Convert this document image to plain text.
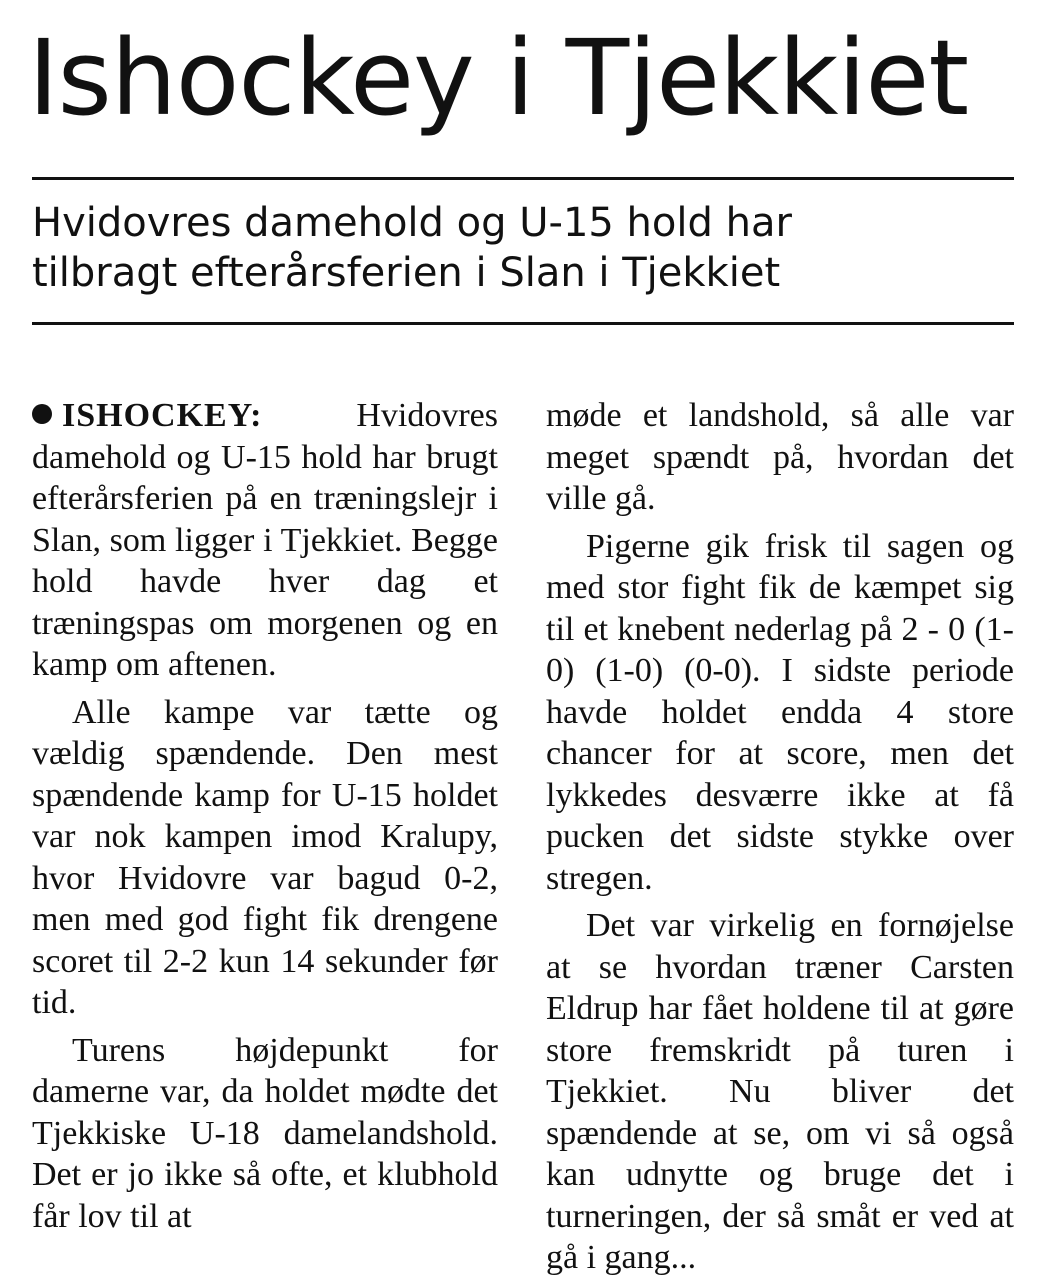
Ishockey i Tjekkiet
Hvidovres damehold og U-15 hold har
tilbragt efterårsferien i Slan i Tjekkiet

ISHOCKEY:	Hvidovres damehold og U-15 hold har brugt efterårsferien på en træningslejr i Slan, som ligger i Tjekkiet. Begge hold havde hver dag et træningspas om morgenen og en kamp om aftenen.

Alle kampe var tætte og vældig spændende. Den mest spændende kamp for U-15 holdet var nok kampen imod Kralupy, hvor Hvidovre var bagud 0-2, men med god fight fik drengene scoret til 2-2 kun 14 sekunder før tid.

Turens højdepunkt for damerne var, da holdet mødte det Tjekkiske U-18 damelandshold. Det er jo ikke så ofte, et klubhold får lov til at

møde et landshold, så alle var meget spændt på, hvordan det ville gå.

Pigerne gik frisk til sagen og med stor fight fik de kæmpet sig til et knebent nederlag på 2 - 0 (1-0) (1-0) (0-0). I sidste periode havde holdet endda 4 store chancer for at score, men det lykkedes desværre ikke at få pucken det sidste stykke over stregen.

Det var virkelig en fornøjelse at se hvordan træner Carsten Eldrup har fået holdene til at gøre store fremskridt på turen i Tjekkiet. Nu bliver det spændende at se, om vi så også kan udnytte og bruge det i turneringen, der så småt er ved at gå i gang...
